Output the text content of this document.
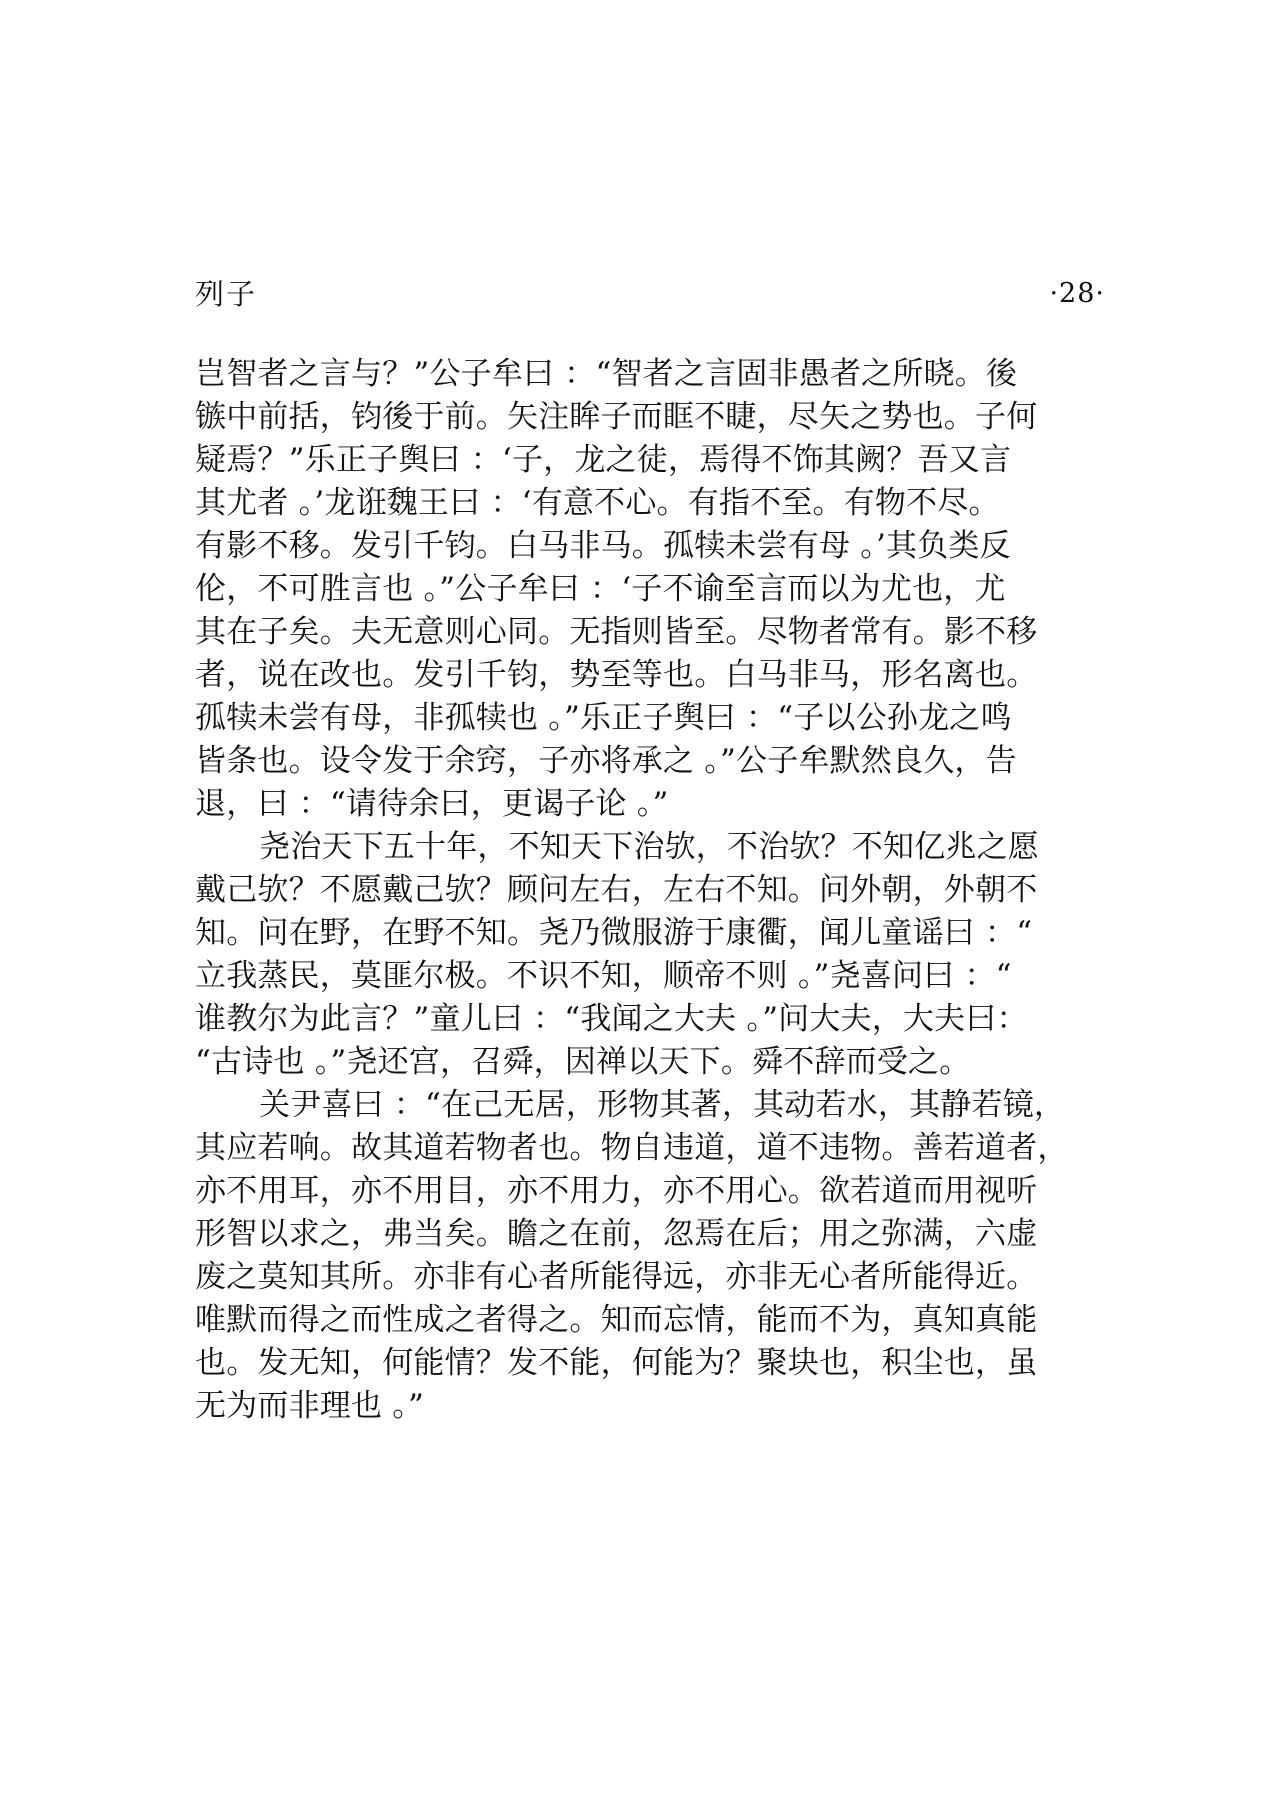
列子	·28·
岂智者之言与？”公子牟曰 ：“智者之言固非愚者之所晓。後
镞中前括，钧後于前。矢注眸子而眶不睫，尽矢之势也。子何
疑焉？”乐正子舆曰 ：‘子，龙之徒，焉得不饰其阙？吾又言
其尤者 。’龙诳魏王曰 ：‘有意不心。有指不至。有物不尽。
有影不移。发引千钧。白马非马。孤犊未尝有母 。’其负类反
伦，不可胜言也 。”公子牟曰 ：‘子不谕至言而以为尤也，尤
其在子矣。夫无意则心同。无指则皆至。尽物者常有。影不移
者，说在改也。发引千钧，势至等也。白马非马，形名离也。
孤犊未尝有母，非孤犊也 。”乐正子舆曰 ：“子以公孙龙之鸣
皆条也。设令发于余窍，子亦将承之 。”公子牟默然良久，告
退，曰 ：“请待余曰，更谒子论 。”
尧治天下五十年，不知天下治欤，不治欤？不知亿兆之愿
戴己欤？不愿戴己欤？顾问左右，左右不知。问外朝，外朝不
知。问在野，在野不知。尧乃微服游于康衢，闻儿童谣曰 ：“
立我蒸民，莫匪尔极。不识不知，顺帝不则 。”尧喜问曰 ：“
谁教尔为此言？”童儿曰 ：“我闻之大夫 。”问大夫，大夫曰：
“古诗也 。”尧还宫，召舜，因禅以天下。舜不辞而受之。
关尹喜曰 ：“在己无居，形物其著，其动若水，其静若镜，
其应若响。故其道若物者也。物自违道，道不违物。善若道者，
亦不用耳，亦不用目，亦不用力，亦不用心。欲若道而用视听
形智以求之，弗当矣。瞻之在前，忽焉在后；用之弥满，六虚
废之莫知其所。亦非有心者所能得远，亦非无心者所能得近。
唯默而得之而性成之者得之。知而忘情，能而不为，真知真能
也。发无知，何能情？发不能，何能为？聚块也，积尘也，虽
无为而非理也 。”
